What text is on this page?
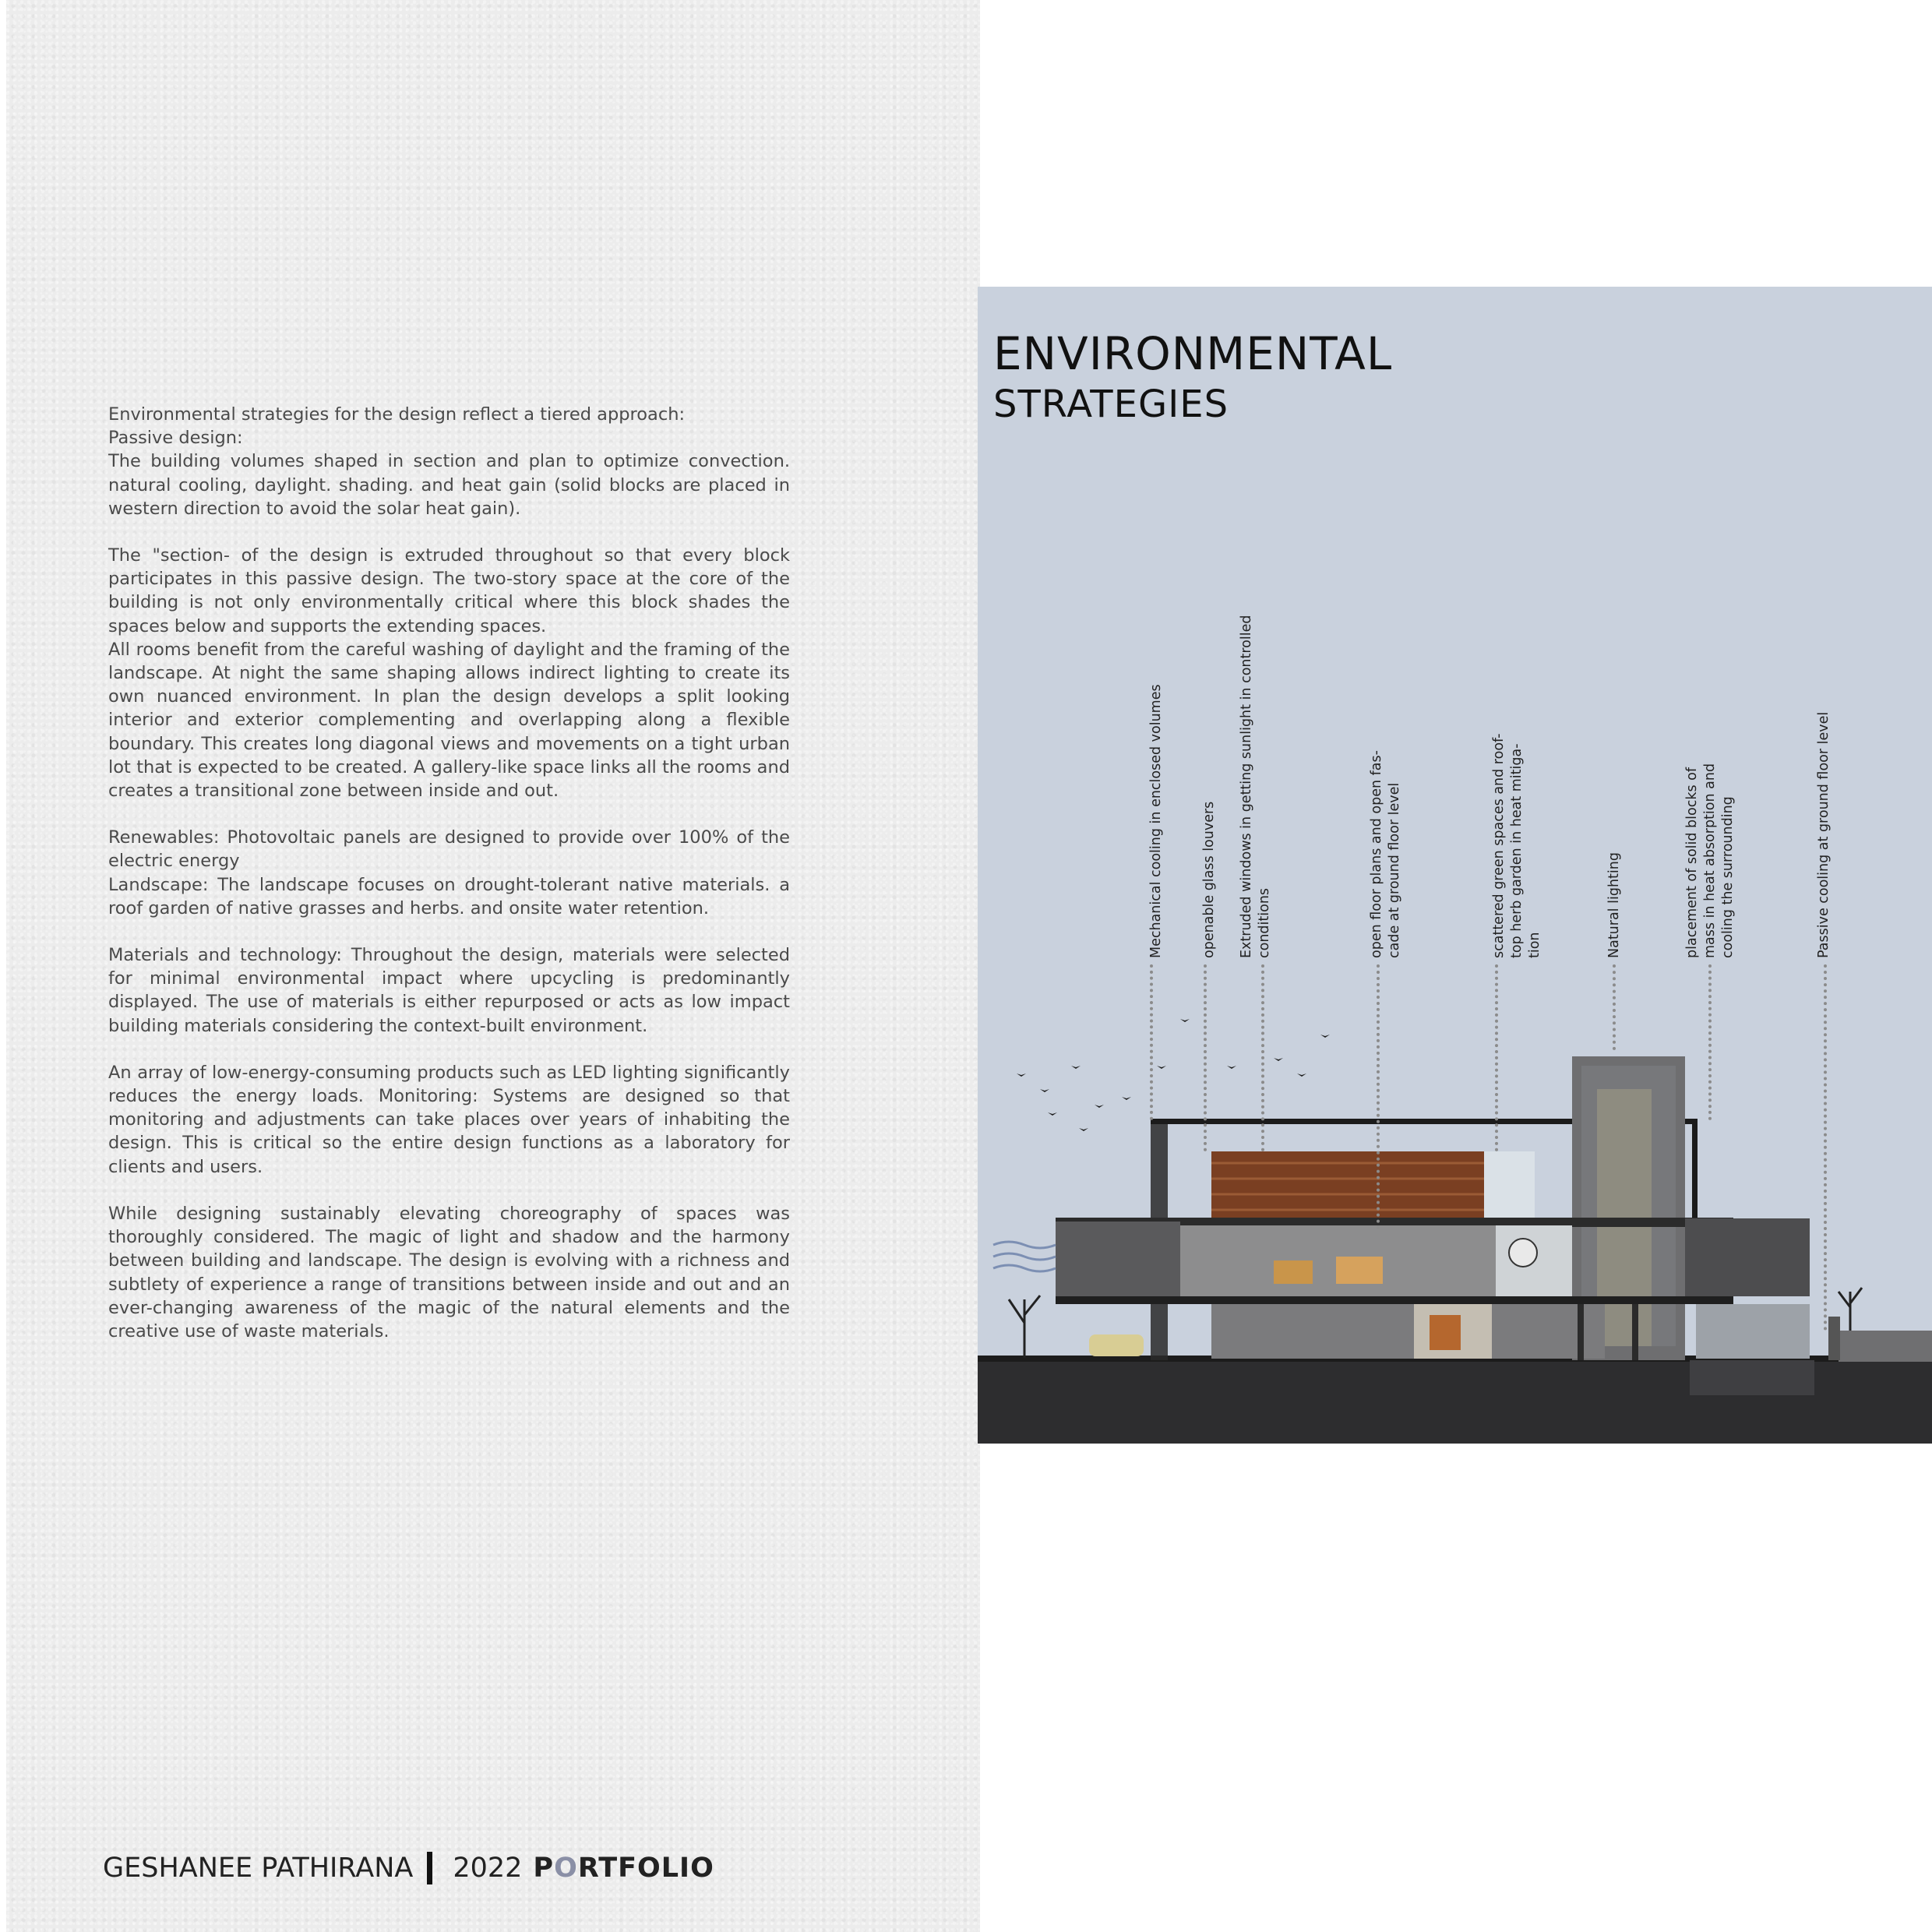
Environmental strategies for the design reflect a tiered approach:
Passive design:
The building volumes shaped in section and plan to optimize convection. natural cooling, daylight. shading. and heat gain (solid blocks are placed in western direction to avoid the solar heat gain).

The "section- of the design is extruded throughout so that every block participates in this passive design. The two-story space at the core of the building is not only environmentally critical where this block shades the spaces below and supports the extending spaces.
All rooms benefit from the careful washing of daylight and the framing of the landscape. At night the same shaping allows indirect lighting to create its own nuanced environment. In plan the design develops a split looking interior and exterior complementing and overlapping along a flexible boundary. This creates long diagonal views and movements on a tight urban lot that is expected to be created. A gallery-like space links all the rooms and creates a transitional zone between inside and out.

Renewables: Photovoltaic panels are designed to provide over 100% of the electric energy
Landscape: The landscape focuses on drought-tolerant native materials. a roof garden of native grasses and herbs. and onsite water retention.

Materials and technology: Throughout the design, materials were selected for minimal environmental impact where upcycling is predominantly displayed. The use of materials is either repurposed or acts as low impact building materials considering the context-built environment.

An array of low-energy-consuming products such as LED lighting significantly reduces the energy loads. Monitoring: Systems are designed so that monitoring and adjustments can take places over years of inhabiting the design. This is critical so the entire design functions as a laboratory for clients and users.

While designing sustainably elevating choreography of spaces was thoroughly considered. The magic of light and shadow and the harmony between building and landscape. The design is evolving with a richness and subtlety of experience a range of transitions between inside and out and an ever-changing awareness of the magic of the natural elements and the creative use of waste materials.

GESHANEE PATHIRANA 2022 PORTFOLIO
ENVIRONMENTAL
STRATEGIES
Mechanical cooling in enclosed volumes	openable glass louvers Extruded windows in getting sunlight in controlled conditions	open floor plans and open fas- cade at ground floor level	scattered green spaces and roof- top herb garden in heat mitiga- tion	Natural lighting	placement of solid blocks of mass in heat absorption and cooling the surrounding	Passive cooling at ground floor level
